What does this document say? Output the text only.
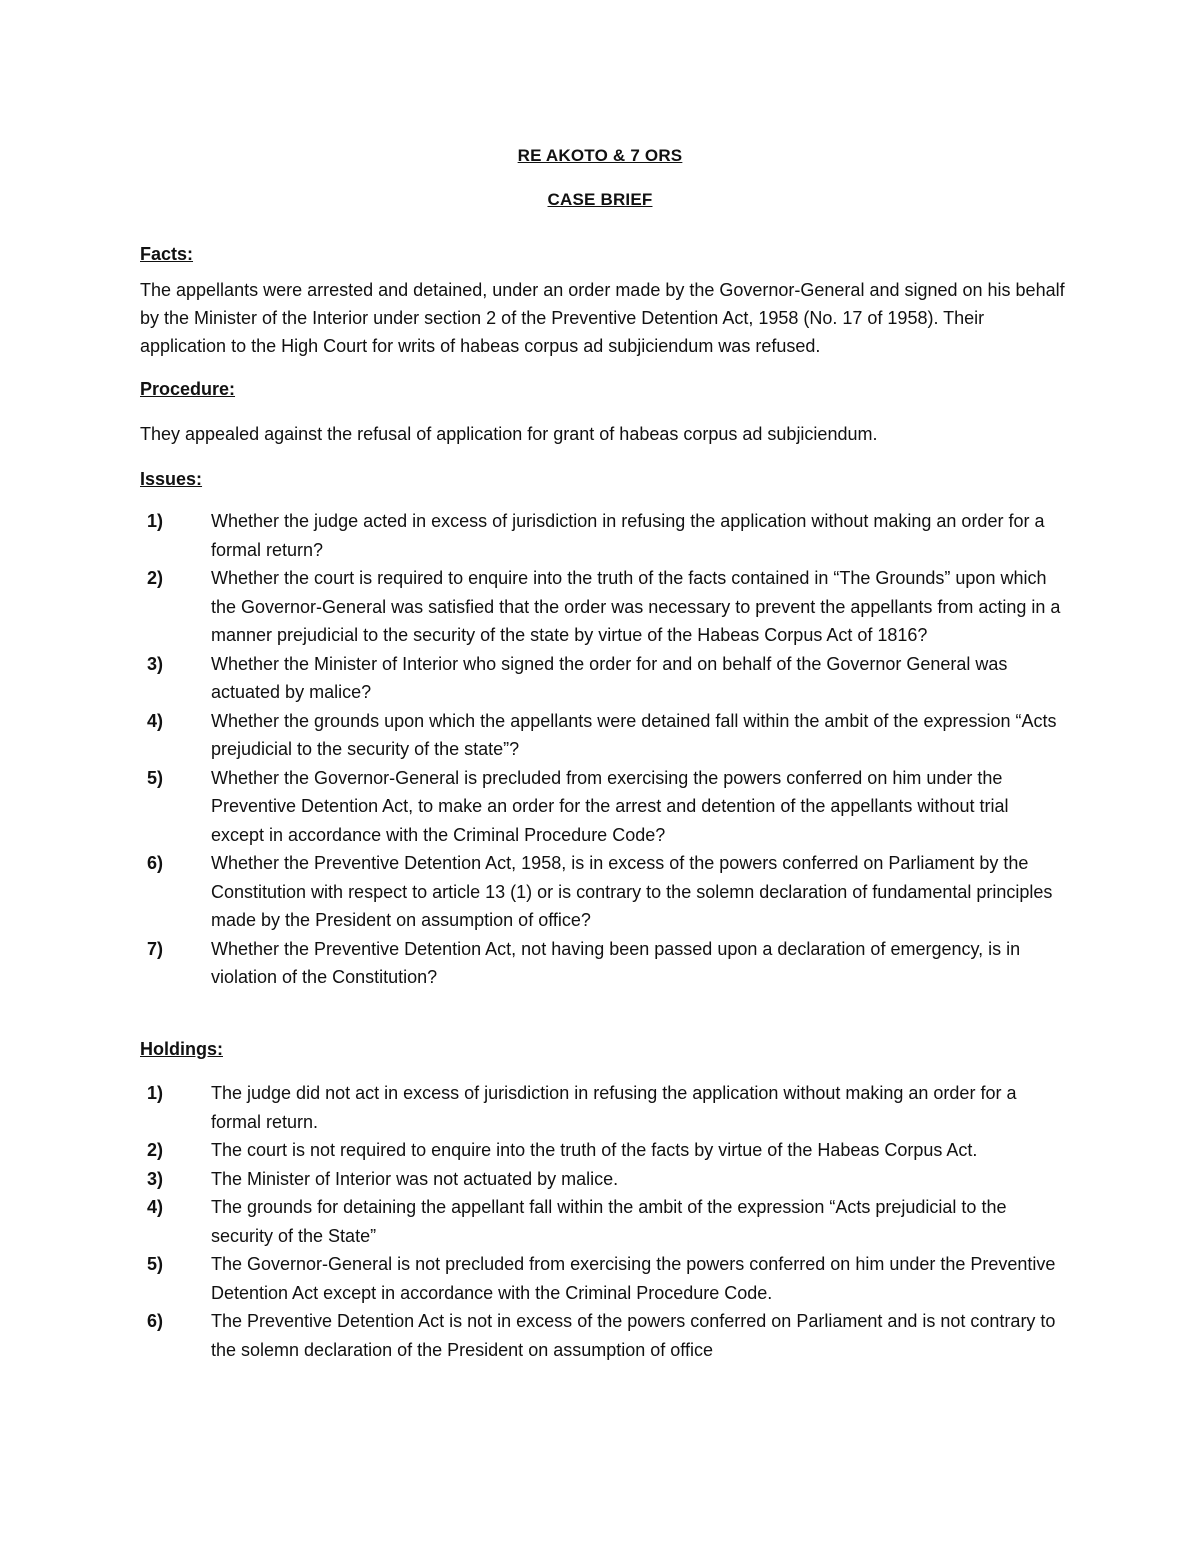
RE AKOTO & 7 ORS
CASE BRIEF
Facts:
The appellants were arrested and detained, under an order made by the Governor-General and signed on his behalf by the Minister of the Interior under section 2 of the Preventive Detention Act, 1958 (No. 17 of 1958). Their application to the High Court for writs of habeas corpus ad subjiciendum was refused.
Procedure:
They appealed against the refusal of application for grant of habeas corpus ad subjiciendum.
Issues:
1)	Whether the judge acted in excess of jurisdiction in refusing the application without making an order for a formal return?
2)	Whether the court is required to enquire into the truth of the facts contained in “The Grounds” upon which the Governor-General was satisfied that the order was necessary to prevent the appellants from acting in a manner prejudicial to the security of the state by virtue of the Habeas Corpus Act of 1816?
3)	Whether the Minister of Interior who signed the order for and on behalf of the Governor General was actuated by malice?
4)	Whether the grounds upon which the appellants were detained fall within the ambit of the expression “Acts prejudicial to the security of the state”?
5)	Whether the Governor-General is precluded from exercising the powers conferred on him under the Preventive Detention Act, to make an order for the arrest and detention of the appellants without trial except in accordance with the Criminal Procedure Code?
6)	Whether the Preventive Detention Act, 1958, is in excess of the powers conferred on Parliament by the Constitution with respect to article 13 (1) or is contrary to the solemn declaration of fundamental principles made by the President on assumption of office?
7)	Whether the Preventive Detention Act, not having been passed upon a declaration of emergency, is in violation of the Constitution?
Holdings:
1)	The judge did not act in excess of jurisdiction in refusing the application without making an order for a formal return.
2)	The court is not required to enquire into the truth of the facts by virtue of the Habeas Corpus Act.
3)	The Minister of Interior was not actuated by malice.
4)	The grounds for detaining the appellant fall within the ambit of the expression “Acts prejudicial to the security of the State”
5)	The Governor-General is not precluded from exercising the powers conferred on him under the Preventive Detention Act except in accordance with the Criminal Procedure Code.
6)	The Preventive Detention Act is not in excess of the powers conferred on Parliament and is not contrary to the solemn declaration of the President on assumption of office
